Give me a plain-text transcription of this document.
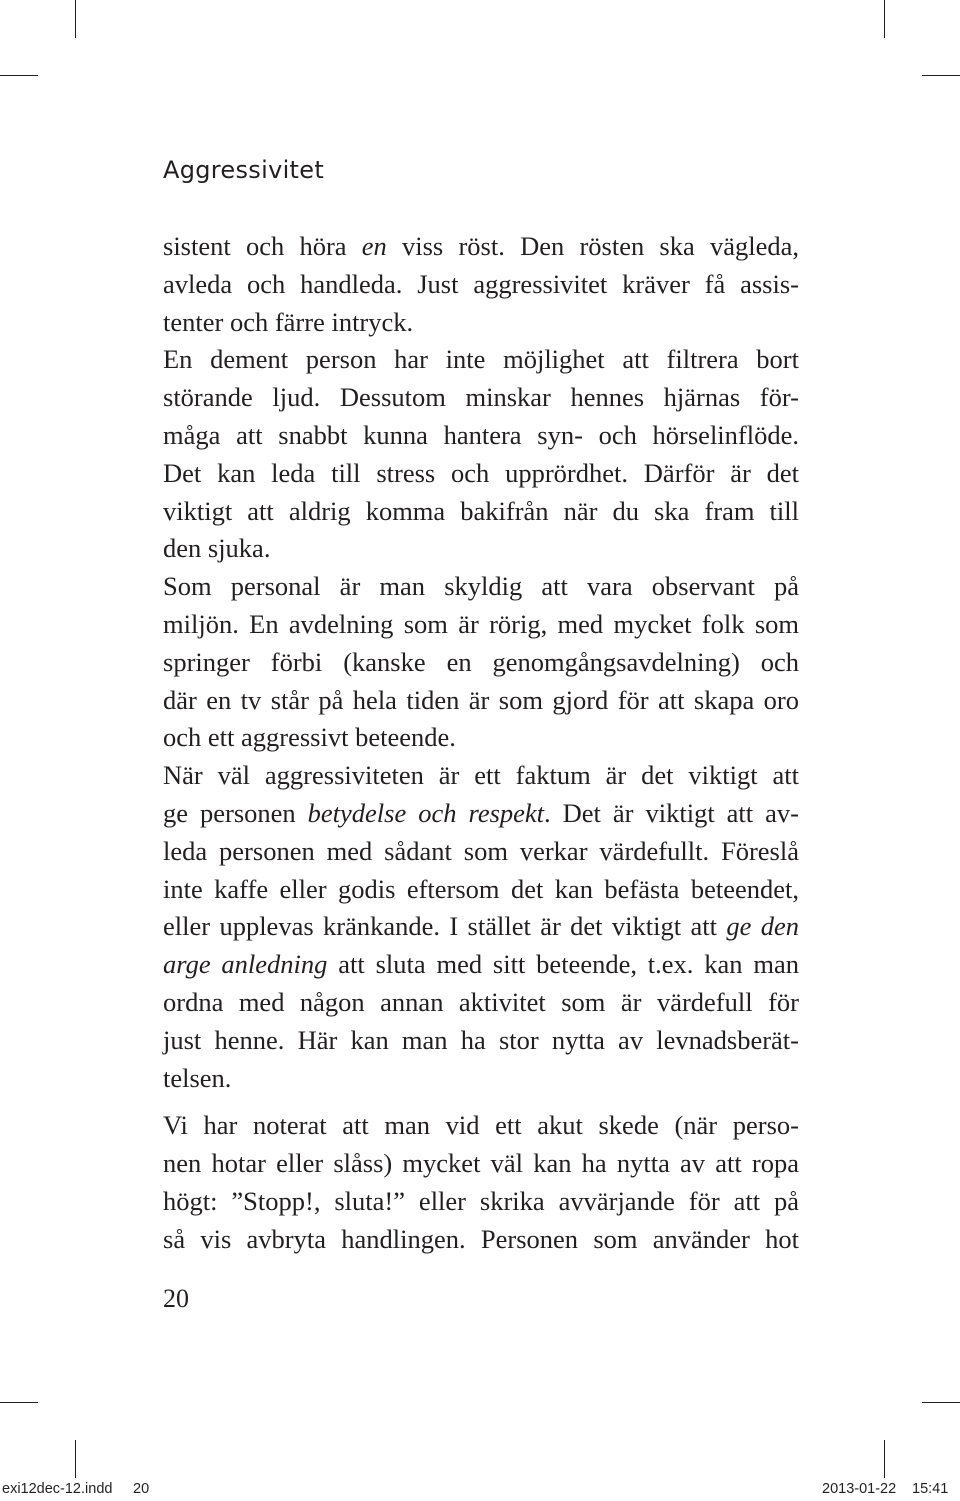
Aggressivitet
sistent och höra en viss röst. Den rösten ska vägleda,
avleda och handleda. Just aggressivitet kräver få assis-
tenter och färre intryck.
En dement person har inte möjlighet att filtrera bort
störande ljud. Dessutom minskar hennes hjärnas för-
måga att snabbt kunna hantera syn- och hörselinflöde.
Det kan leda till stress och upprördhet. Därför är det
viktigt att aldrig komma bakifrån när du ska fram till
den sjuka.
Som personal är man skyldig att vara observant på
miljön. En avdelning som är rörig, med mycket folk som
springer förbi (kanske en genomgångsavdelning) och
där en tv står på hela tiden är som gjord för att skapa oro
och ett aggressivt beteende.
När väl aggressiviteten är ett faktum är det viktigt att
ge personen betydelse och respekt. Det är viktigt att av-
leda personen med sådant som verkar värdefullt. Föreslå
inte kaffe eller godis eftersom det kan befästa beteendet,
eller upplevas kränkande. I stället är det viktigt att ge den
arge anledning att sluta med sitt beteende, t.ex. kan man
ordna med någon annan aktivitet som är värdefull för
just henne. Här kan man ha stor nytta av levnadsberät-
telsen.
Vi har noterat att man vid ett akut skede (när perso-
nen hotar eller slåss) mycket väl kan ha nytta av att ropa
högt: ”Stopp!, sluta!” eller skrika avvärjande för att på
så vis avbryta handlingen. Personen som använder hot
20
exi12dec-12.indd 20	2013-01-22 15:41
